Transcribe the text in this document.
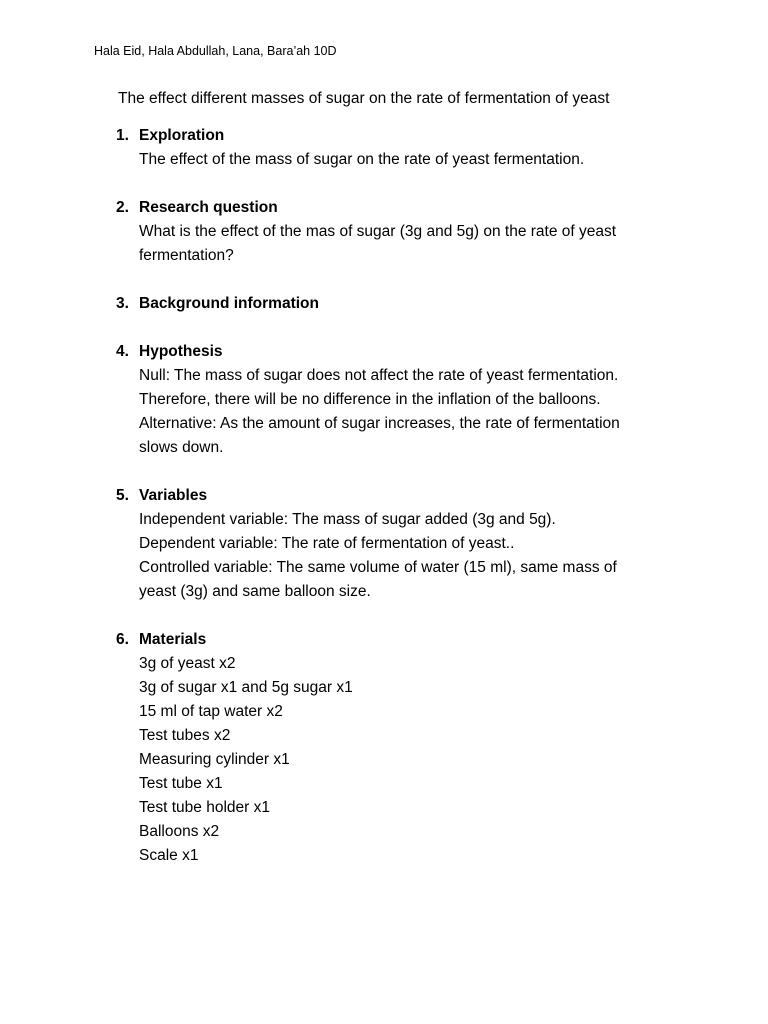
Hala Eid, Hala Abdullah, Lana, Bara’ah 10D
The effect different masses of sugar on the rate of fermentation of yeast
1. Exploration
The effect of the mass of sugar on the rate of yeast fermentation.
2. Research question
What is the effect of the mas of sugar (3g and 5g) on the rate of yeast
fermentation?
3. Background information
4. Hypothesis
Null: The mass of sugar does not affect the rate of yeast fermentation.
Therefore, there will be no difference in the inflation of the balloons.
Alternative: As the amount of sugar increases, the rate of fermentation
slows down.
5. Variables
Independent variable: The mass of sugar added (3g and 5g).
Dependent variable: The rate of fermentation of yeast..
Controlled variable: The same volume of water (15 ml), same mass of
yeast (3g) and same balloon size.
6. Materials
3g of yeast x2
3g of sugar x1 and 5g sugar x1
15 ml of tap water x2
Test tubes x2
Measuring cylinder x1
Test tube x1
Test tube holder x1
Balloons x2
Scale x1
